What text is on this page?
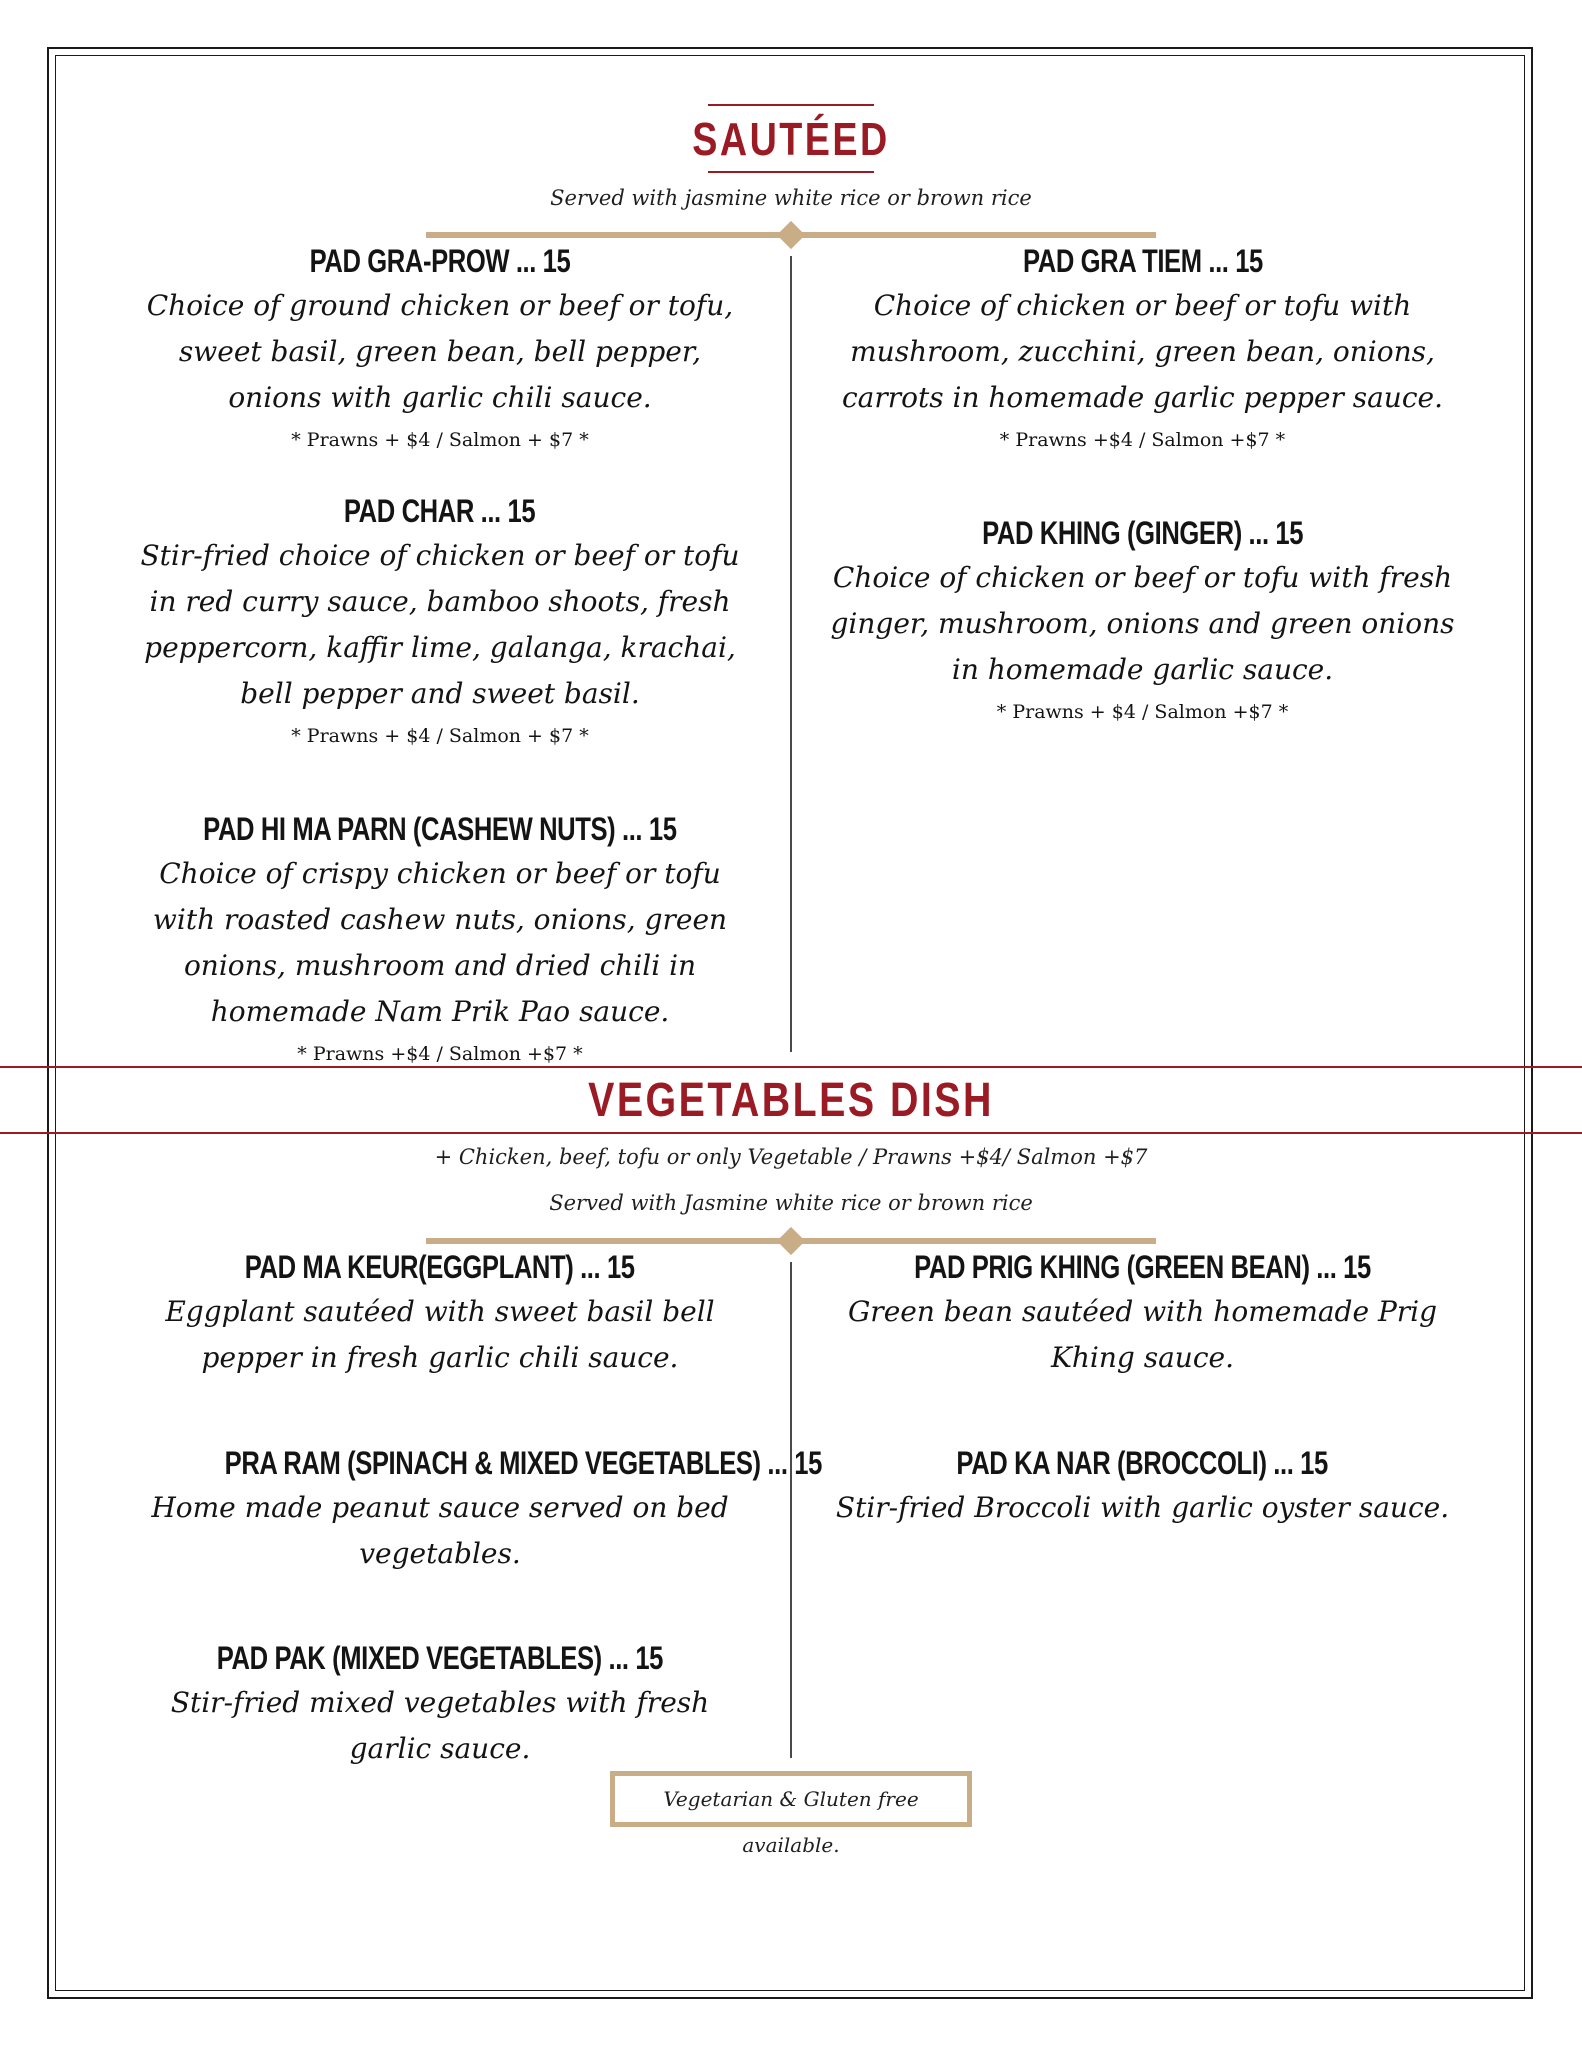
SAUTÉED
Served with jasmine white rice or brown rice
PAD GRA-PROW ... 15
Choice of ground chicken or beef or tofu, sweet basil, green bean, bell pepper, onions with garlic chili sauce.
* Prawns + $4 / Salmon + $7 *
PAD CHAR ... 15
Stir-fried choice of chicken or beef or tofu in red curry sauce, bamboo shoots, fresh peppercorn, kaffir lime, galanga, krachai, bell pepper and sweet basil.
* Prawns + $4 / Salmon + $7 *
PAD HI MA PARN (CASHEW NUTS) ... 15
Choice of crispy chicken or beef or tofu with roasted cashew nuts, onions, green onions, mushroom and dried chili in homemade Nam Prik Pao sauce.
* Prawns +$4 / Salmon +$7 *
PAD GRA TIEM ... 15
Choice of chicken or beef or tofu with mushroom, zucchini, green bean, onions, carrots in homemade garlic pepper sauce.
* Prawns +$4 / Salmon +$7 *
PAD KHING (GINGER) ... 15
Choice of chicken or beef or tofu with fresh ginger, mushroom, onions and green onions in homemade garlic sauce.
* Prawns + $4 / Salmon +$7 *
VEGETABLES DISH
+ Chicken, beef, tofu or only Vegetable / Prawns +$4/ Salmon +$7
Served with Jasmine white rice or brown rice
PAD MA KEUR(EGGPLANT) ... 15
Eggplant sautéed with sweet basil bell pepper in fresh garlic chili sauce.
PRA RAM (SPINACH & MIXED VEGETABLES) ... 15
Home made peanut sauce served on bed vegetables.
PAD PAK (MIXED VEGETABLES) ... 15
Stir-fried mixed vegetables with fresh garlic sauce.
PAD PRIG KHING (GREEN BEAN) ... 15
Green bean sautéed with homemade Prig Khing sauce.
PAD KA NAR (BROCCOLI) ... 15
Stir-fried Broccoli with garlic oyster sauce.
Vegetarian & Gluten free available.
